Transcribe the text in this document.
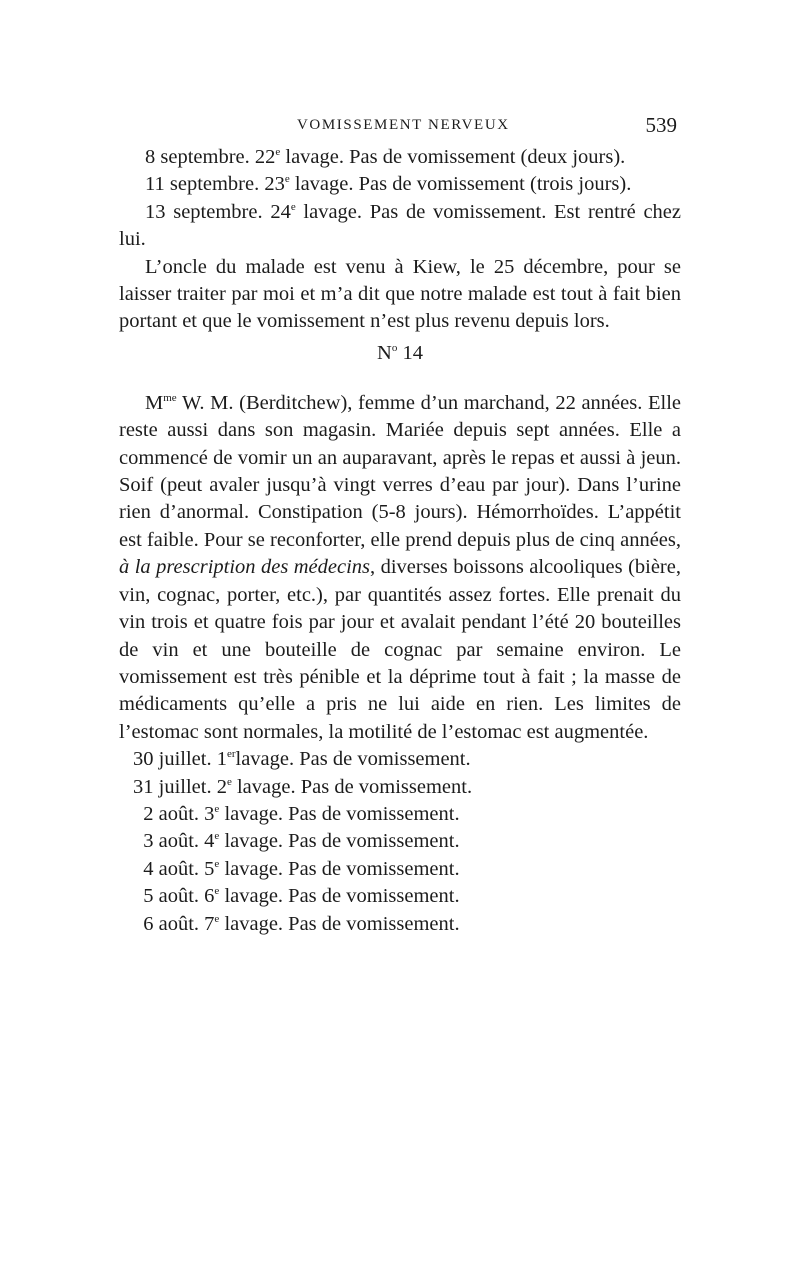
VOMISSEMENT NERVEUX	539

8 septembre. 22e lavage. Pas de vomissement (deux jours).

11 septembre. 23e lavage. Pas de vomissement (trois jours).

13 septembre. 24e lavage. Pas de vomissement. Est rentré chez lui.

L’oncle du malade est venu à Kiew, le 25 décembre, pour se laisser traiter par moi et m’a dit que notre malade est tout à fait bien portant et que le vomissement n’est plus revenu depuis lors.

$N^o$ 14

$M^{me}$ W. M. (Berditchew), femme d’un marchand, 22 années. Elle reste aussi dans son magasin. Mariée depuis sept années. Elle a commencé de vomir un an auparavant, après le repas et aussi à jeun. Soif (peut avaler jusqu’à vingt verres d’eau par jour). Dans l’urine rien d’anormal. Constipation (5-8 jours). Hémorrhoïdes. L’appétit est faible. Pour se reconforter, elle prend depuis plus de cinq années, à la prescription des médecins, diverses boissons alcooliques (bière, vin, cognac, porter, etc.), par quantités assez fortes. Elle prenait du vin trois et quatre fois par jour et avalait pendant l’été 20 bouteilles de vin et une bouteille de cognac par semaine environ. Le vomissement est très pénible et la déprime tout à fait ; la masse de médicaments qu’elle a pris ne lui aide en rien. Les limites de l’estomac sont normales, la motilité de l’estomac est augmentée.

30 juillet. 1erlavage. Pas de vomissement.

31 juillet. 2e lavage. Pas de vomissement.

2 août. 3e lavage. Pas de vomissement.

3 août. 4e lavage. Pas de vomissement.

4 août. 5e lavage. Pas de vomissement.

5 août. 6e lavage. Pas de vomissement.

6 août. 7e lavage. Pas de vomissement.
